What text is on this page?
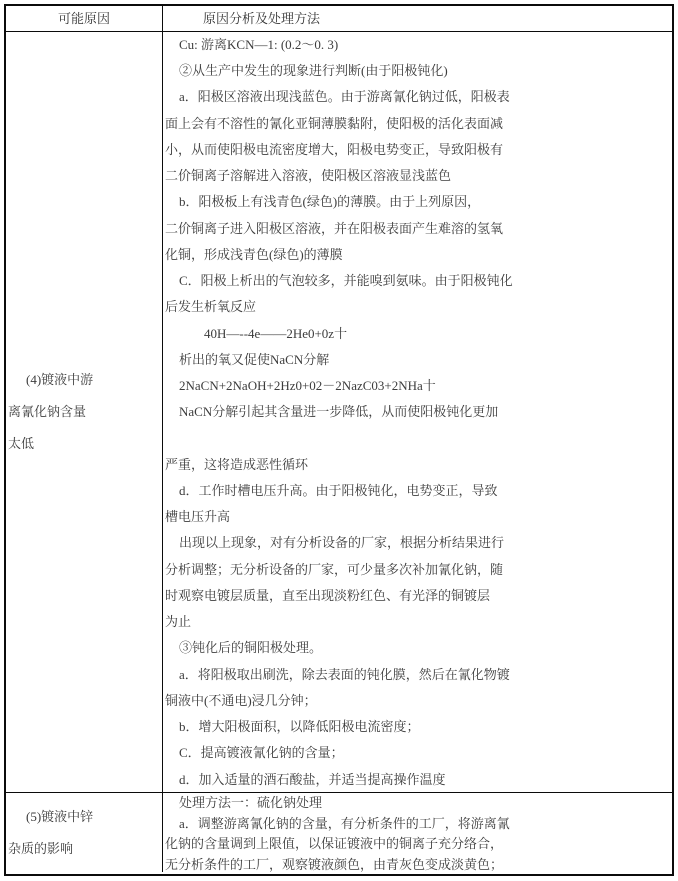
可能原因	原因分析及处理方法
(4)镀液中游
离氰化钠含量
太低
Cu: 游离KCN—1: (0.2～0. 3)
②从生产中发生的现象进行判断(由于阳极钝化)
a．阳极区溶液出现浅蓝色。由于游离氰化钠过低，阳极表
面上会有不溶性的氰化亚铜薄膜黏附，使阳极的活化表面减
小，从而使阳极电流密度增大，阳极电势变正，导致阳极有
二价铜离子溶解进入溶液，使阳极区溶液显浅蓝色
b．阳极板上有浅青色(绿色)的薄膜。由于上列原因，
二价铜离子进入阳极区溶液，并在阳极表面产生难溶的氢氧
化铜，形成浅青色(绿色)的薄膜
C．阳极上析出的气泡较多，并能嗅到氨味。由于阳极钝化
后发生析氧反应
40H—--4e——2He0+0z十
析出的氧又促使NaCN分解
2NaCN+2NaOH+2Hz0+02－2NazC03+2NHa十
NaCN分解引起其含量进一步降低，从而使阳极钝化更加
严重，这将造成恶性循环
d．工作时槽电压升高。由于阳极钝化，电势变正，导致
槽电压升高
出现以上现象，对有分析设备的厂家，根据分析结果进行
分析调整；无分析设备的厂家，可少量多次补加氰化钠，随
时观察电镀层质量，直至出现淡粉红色、有光泽的铜镀层
为止
③钝化后的铜阳极处理。
a．将阳极取出刷洗，除去表面的钝化膜，然后在氰化物镀
铜液中(不通电)浸几分钟；
b．增大阳极面积，以降低阳极电流密度；
C．提高镀液氰化钠的含量；
d．加入适量的酒石酸盐，并适当提高操作温度
(5)镀液中锌
杂质的影响
处理方法一：硫化钠处理
a．调整游离氰化钠的含量，有分析条件的工厂，将游离氰
化钠的含量调到上限值，以保证镀液中的铜离子充分络合，
无分析条件的工厂，观察镀液颜色，由青灰色变成淡黄色；
